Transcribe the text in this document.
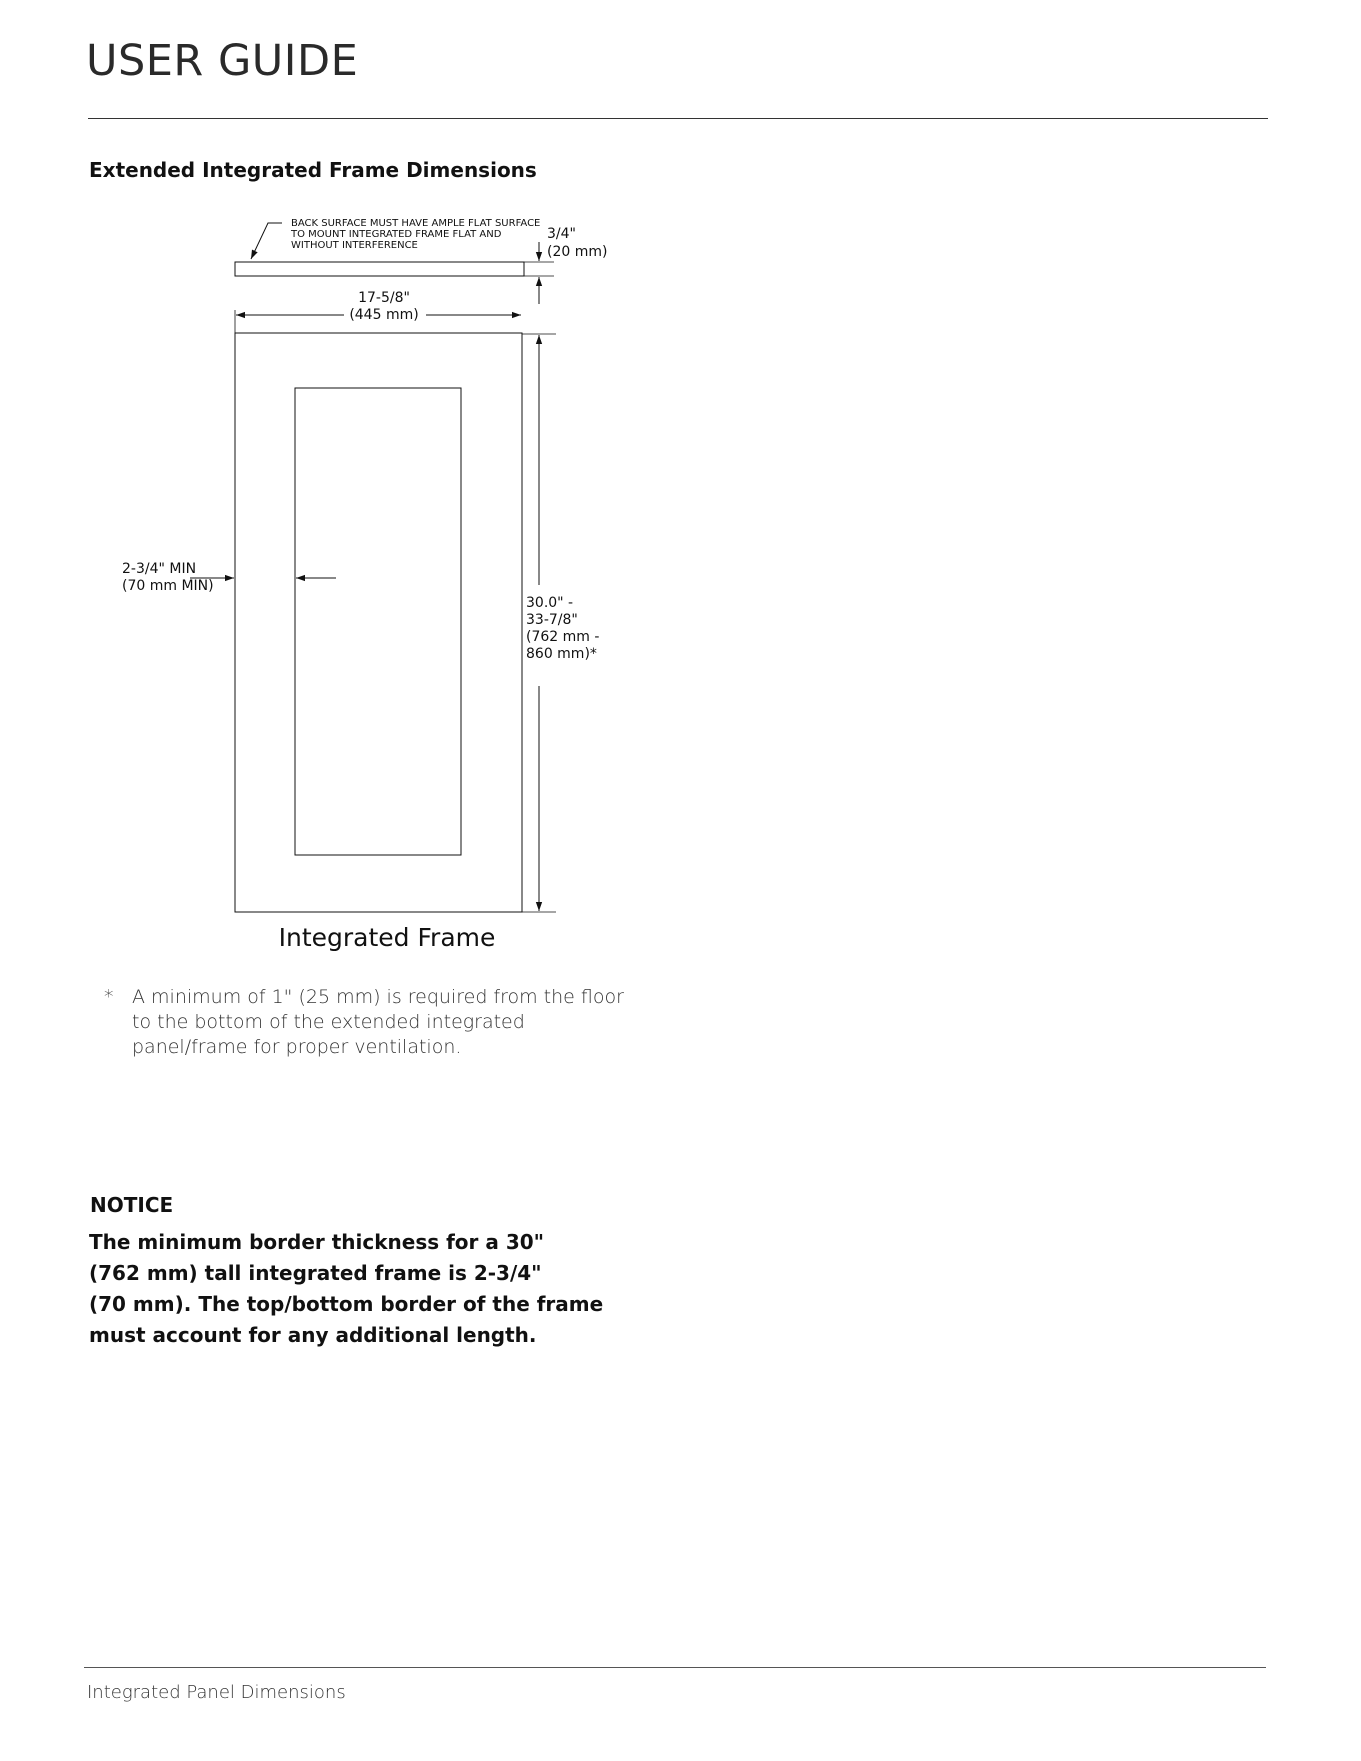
USER GUIDE
Extended Integrated Frame Dimensions
BACK SURFACE MUST HAVE AMPLE FLAT SURFACE
TO MOUNT INTEGRATED FRAME FLAT AND
WITHOUT INTERFERENCE
3/4"
(20 mm)
17-5/8"
(445 mm)
2-3/4" MIN
(70 mm MIN)
30.0" -
33-7/8"
(762 mm -
860 mm)*
Integrated Frame

* A minimum of 1" (25 mm) is required from the floor to the bottom of the extended integrated panel/frame for proper ventilation.

NOTICE

The minimum border thickness for a 30"
(762 mm) tall integrated frame is 2-3/4"
(70 mm). The top/bottom border of the frame
must account for any additional length.

Integrated Panel Dimensions
